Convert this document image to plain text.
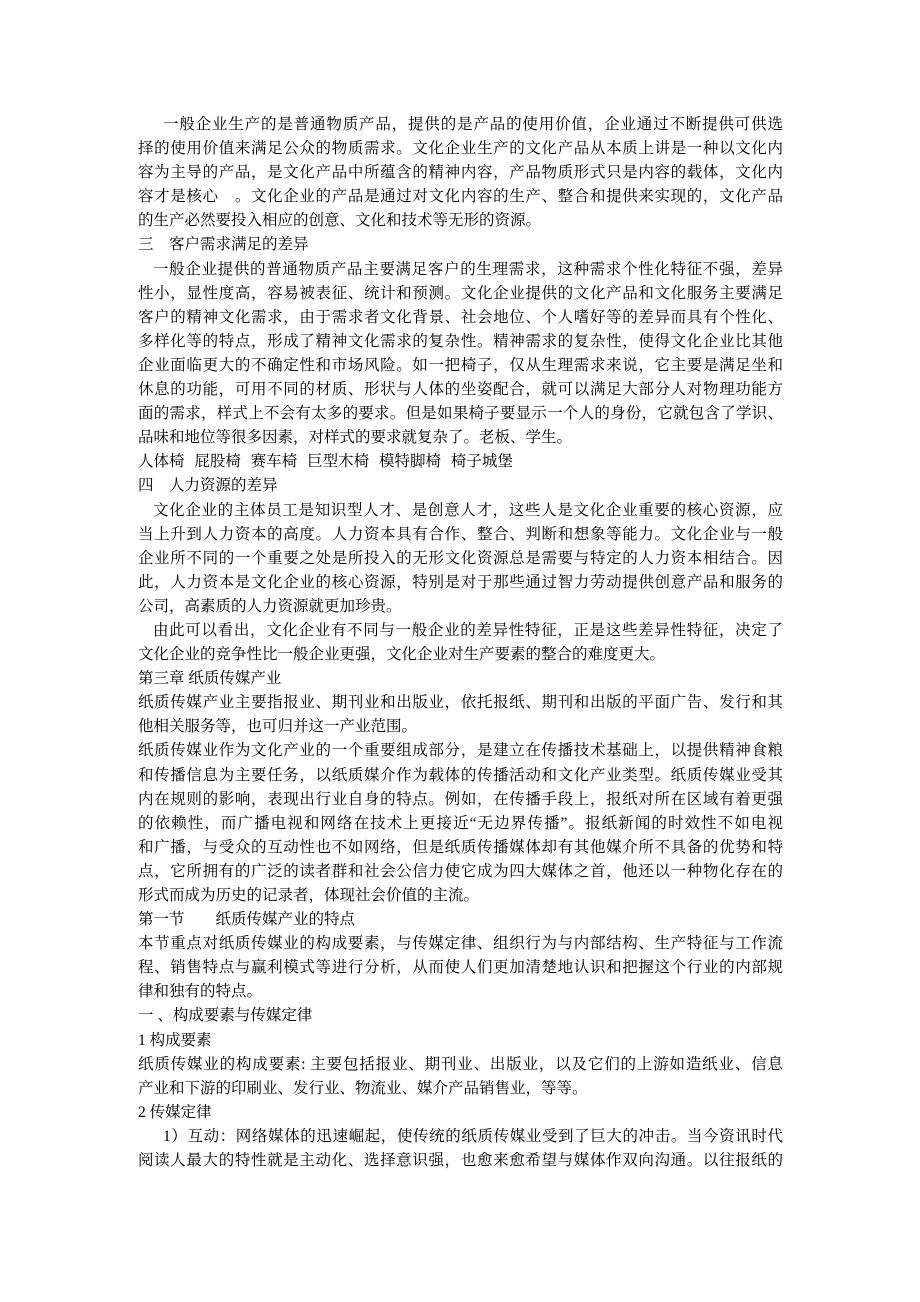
一般企业生产的是普通物质产品，提供的是产品的使用价值，企业通过不断提供可供选
择的使用价值来满足公众的物质需求。文化企业生产的文化产品从本质上讲是一种以文化内
容为主导的产品，是文化产品中所蕴含的精神内容，产品物质形式只是内容的载体，文化内
容才是核心　。文化企业的产品是通过对文化内容的生产、整合和提供来实现的，文化产品
的生产必然要投入相应的创意、文化和技术等无形的资源。
三　客户需求满足的差异
一般企业提供的普通物质产品主要满足客户的生理需求，这种需求个性化特征不强，差异
性小，显性度高，容易被表征、统计和预测。文化企业提供的文化产品和文化服务主要满足
客户的精神文化需求，由于需求者文化背景、社会地位、个人嗜好等的差异而具有个性化、
多样化等的特点，形成了精神文化需求的复杂性。精神需求的复杂性，使得文化企业比其他
企业面临更大的不确定性和市场风险。如一把椅子，仅从生理需求来说，它主要是满足坐和
休息的功能，可用不同的材质、形状与人体的坐姿配合，就可以满足大部分人对物理功能方
面的需求，样式上不会有太多的要求。但是如果椅子要显示一个人的身份，它就包含了学识、
品味和地位等很多因素，对样式的要求就复杂了。老板、学生。
人体椅 屁股椅 赛车椅 巨型木椅 模特脚椅 椅子城堡
四　人力资源的差异
文化企业的主体员工是知识型人才、是创意人才，这些人是文化企业重要的核心资源，应
当上升到人力资本的高度。人力资本具有合作、整合、判断和想象等能力。文化企业与一般
企业所不同的一个重要之处是所投入的无形文化资源总是需要与特定的人力资本相结合。因
此，人力资本是文化企业的核心资源，特别是对于那些通过智力劳动提供创意产品和服务的
公司，高素质的人力资源就更加珍贵。
由此可以看出，文化企业有不同与一般企业的差异性特征，正是这些差异性特征，决定了
文化企业的竞争性比一般企业更强，文化企业对生产要素的整合的难度更大。
第三章 纸质传媒产业
纸质传媒产业主要指报业、期刊业和出版业，依托报纸、期刊和出版的平面广告、发行和其
他相关服务等，也可归并这一产业范围。
纸质传媒业作为文化产业的一个重要组成部分，是建立在传播技术基础上，以提供精神食粮
和传播信息为主要任务，以纸质媒介作为载体的传播活动和文化产业类型。纸质传媒业受其
内在规则的影响，表现出行业自身的特点。例如，在传播手段上，报纸对所在区域有着更强
的依赖性，而广播电视和网络在技术上更接近“无边界传播”。报纸新闻的时效性不如电视
和广播，与受众的互动性也不如网络，但是纸质传播媒体却有其他媒介所不具备的优势和特
点，它所拥有的广泛的读者群和社会公信力使它成为四大媒体之首，他还以一种物化存在的
形式而成为历史的记录者，体现社会价值的主流。
第一节　　纸质传媒产业的特点
本节重点对纸质传媒业的构成要素，与传媒定律、组织行为与内部结构、生产特征与工作流
程、销售特点与赢利模式等进行分析，从而使人们更加清楚地认识和把握这个行业的内部规
律和独有的特点。
一 、构成要素与传媒定律
1 构成要素
纸质传媒业的构成要素: 主要包括报业、期刊业、出版业，以及它们的上游如造纸业、信息
产业和下游的印刷业、发行业、物流业、媒介产品销售业，等等。
2 传媒定律
1）互动：网络媒体的迅速崛起，使传统的纸质传媒业受到了巨大的冲击。当今资讯时代
阅读人最大的特性就是主动化、选择意识强，也愈来愈希望与媒体作双向沟通。以往报纸的
